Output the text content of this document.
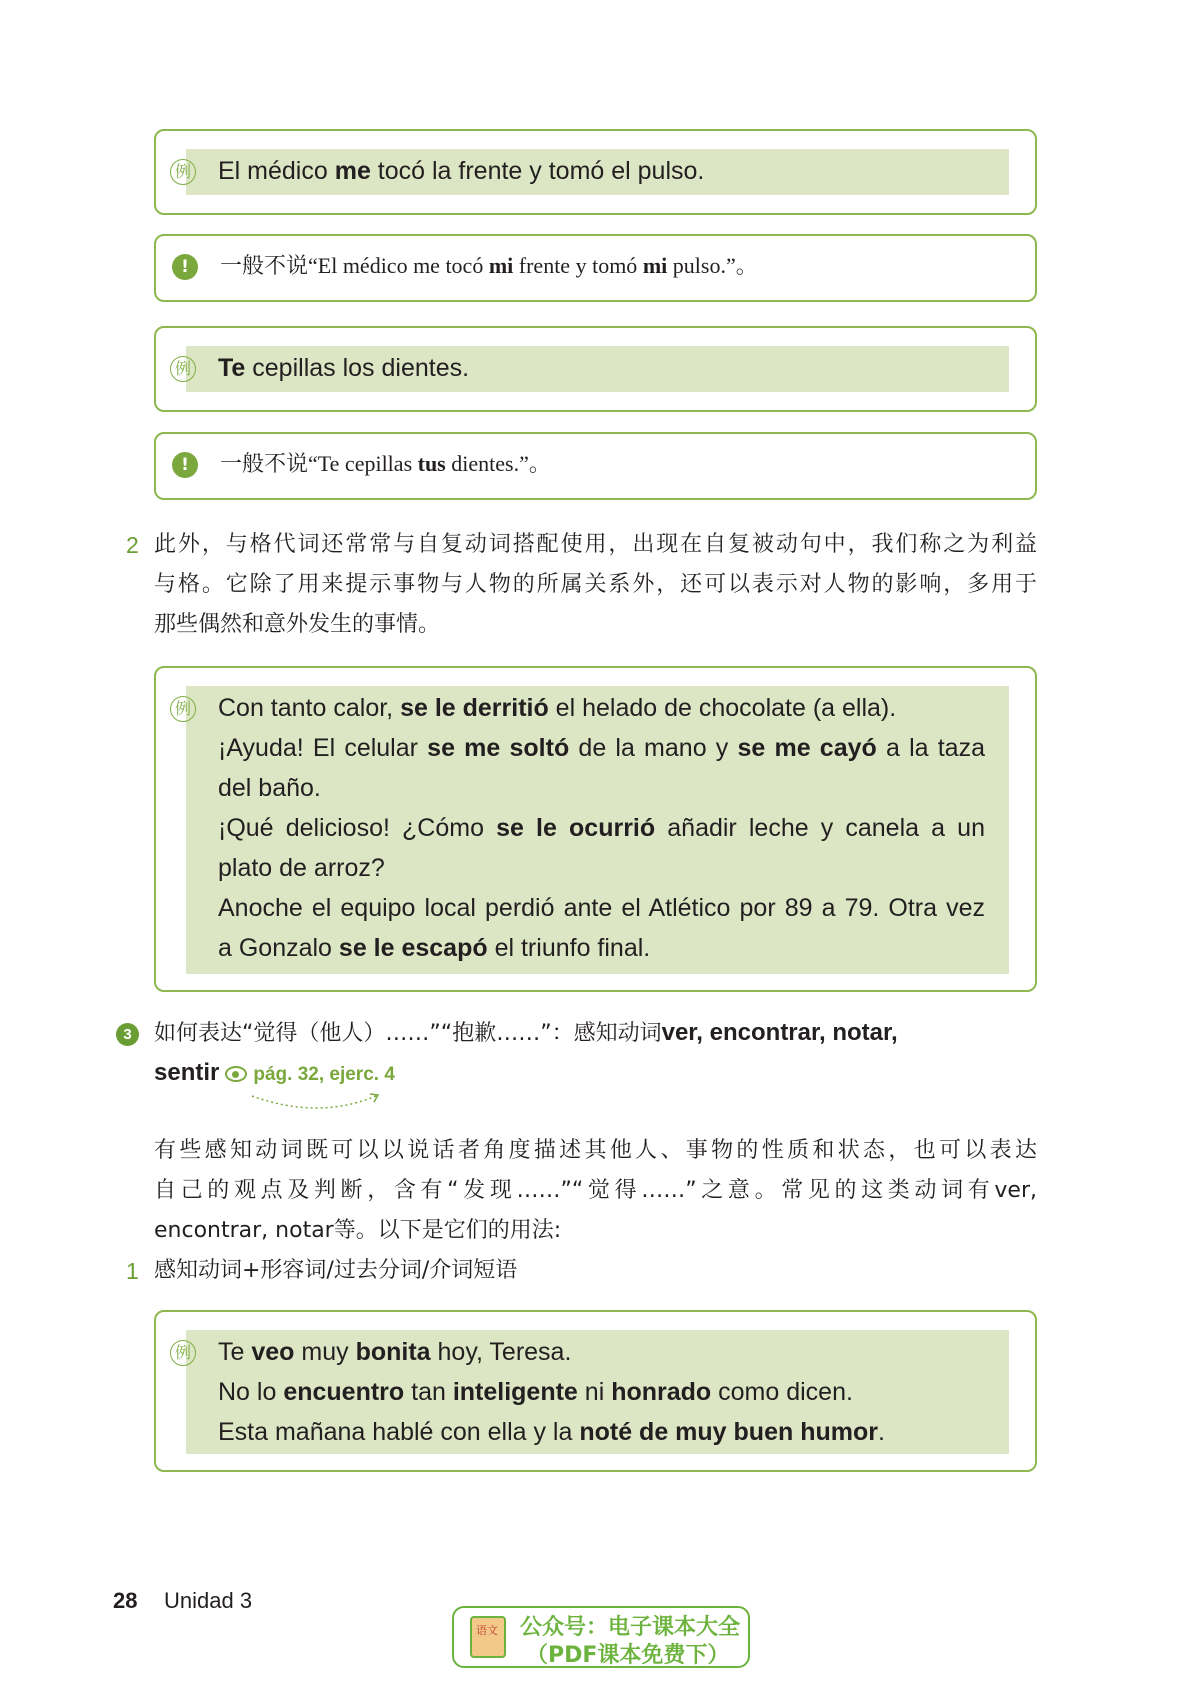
例 El médico me tocó la frente y tomó el pulso.
!	一般不说“El médico me tocó mi frente y tomó mi pulso.”。
例 Te cepillas los dientes.
!	一般不说“Te cepillas tus dientes.”。
2 此外，与格代词还常常与自复动词搭配使用，出现在自复被动句中，我们称之为利益
与格。它除了用来提示事物与人物的所属关系外，还可以表示对人物的影响，多用于
那些偶然和意外发生的事情。
例 Con tanto calor, se le derritió el helado de chocolate (a ella).
¡Ayuda! El celular se me soltó de la mano y se me cayó a la taza
del baño.
¡Qué delicioso! ¿Cómo se le ocurrió añadir leche y canela a un
plato de arroz?
Anoche el equipo local perdió ante el Atlético por 89 a 79. Otra vez
a Gonzalo se le escapó el triunfo final.
3	如何表达“觉得（他人）……”“抱歉……”：感知动词ver, encontrar, notar,
sentir pág. 32, ejerc. 4
有些感知动词既可以以说话者角度描述其他人、事物的性质和状态，也可以表达
自己的观点及判断，含有“发现……”“觉得……”之意。常见的这类动词有ver,
encontrar, notar等。以下是它们的用法:
1 感知动词+形容词/过去分词/介词短语
例 Te veo muy bonita hoy, Teresa.
No lo encuentro tan inteligente ni honrado como dicen.
Esta mañana hablé con ella y la noté de muy buen humor.
28 Unidad 3
语文 公众号：电子课本大全
（PDF课本免费下）
